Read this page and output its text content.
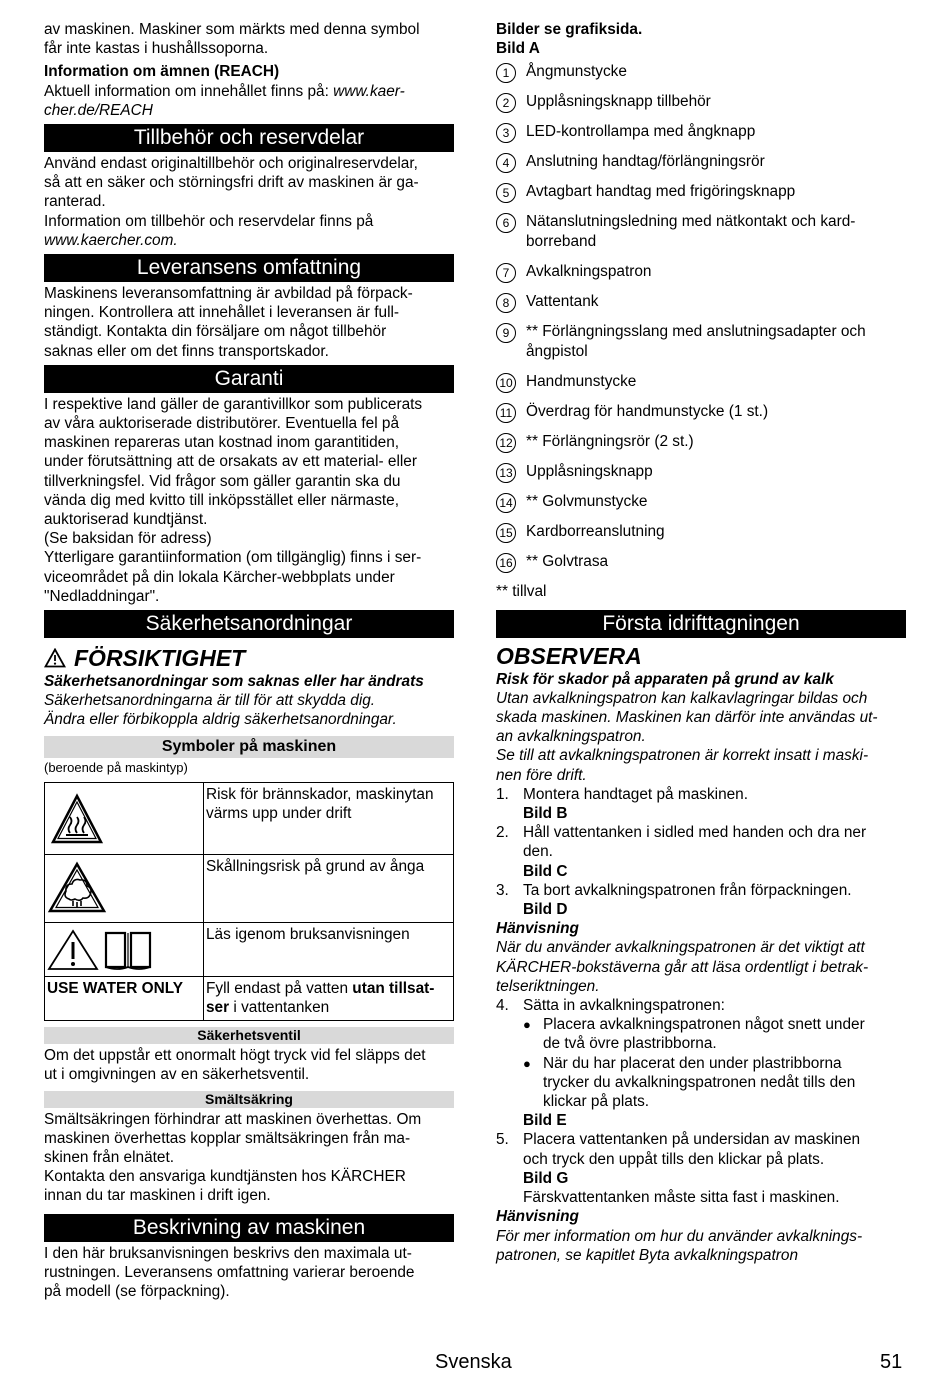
av maskinen. Maskiner som märkts med denna symbol
får inte kastas i hushållssoporna.

Information om ämnen (REACH)

Aktuell information om innehållet finns på: www.kaer-
cher.de/REACH

Tillbehör och reservdelar

Använd endast originaltillbehör och originalreservdelar,
så att en säker och störningsfri drift av maskinen är ga-
ranterad.
Information om tillbehör och reservdelar finns på
www.kaercher.com.

Leveransens omfattning

Maskinens leveransomfattning är avbildad på förpack-
ningen. Kontrollera att innehållet i leveransen är full-
ständigt. Kontakta din försäljare om något tillbehör
saknas eller om det finns transportskador.

Garanti

I respektive land gäller de garantivillkor som publicerats
av våra auktoriserade distributörer. Eventuella fel på
maskinen repareras utan kostnad inom garantitiden,
under förutsättning att de orsakats av ett material- eller
tillverkningsfel. Vid frågor som gäller garantin ska du
vända dig med kvitto till inköpsstället eller närmaste,
auktoriserad kundtjänst.
(Se baksidan för adress)
Ytterligare garantiinformation (om tillgänglig) finns i ser-
viceområdet på din lokala Kärcher-webbplats under
"Nedladdningar".

Säkerhetsanordningar
FÖRSIKTIGHET

Säkerhetsanordningar som saknas eller har ändrats

Säkerhetsanordningarna är till för att skydda dig.
Ändra eller förbikoppla aldrig säkerhetsanordningar.

Symboler på maskinen

(beroende på maskintyp)

	Risk för brännskador, maskinytan
värms upp under drift
	Skållningsrisk på grund av ånga

	Läs igenom bruksanvisningen
USE WATER ONLY	Fyll endast på vatten utan tillsat-
ser i vattentanken
Säkerhetsventil

Om det uppstår ett onormalt högt tryck vid fel släpps det
ut i omgivningen av en säkerhetsventil.

Smältsäkring

Smältsäkringen förhindrar att maskinen överhettas. Om
maskinen överhettas kopplar smältsäkringen från ma-
skinen från elnätet.
Kontakta den ansvariga kundtjänsten hos KÄRCHER
innan du tar maskinen i drift igen.

Beskrivning av maskinen

I den här bruksanvisningen beskrivs den maximala ut-
rustningen. Leveransens omfattning varierar beroende
på modell (se förpackning).

Bilder se grafiksida.

Bild A

1	Ångmunstycke
2	Upplåsningsknapp tillbehör
3	LED-kontrollampa med ångknapp
4	Anslutning handtag/förlängningsrör
5	Avtagbart handtag med frigöringsknapp
6	Nätanslutningsledning med nätkontakt och kard-
borreband
7	Avkalkningspatron
8	Vattentank
9	** Förlängningsslang med anslutningsadapter och
ångpistol
10 Handmunstycke
11 Överdrag för handmunstycke (1 st.)
12 ** Förlängningsrör (2 st.)
13 Upplåsningsknapp
14 ** Golvmunstycke
15 Kardborreanslutning
16 ** Golvtrasa

** tillval

Första idrifttagningen

OBSERVERA

Risk för skador på apparaten på grund av kalk

Utan avkalkningspatron kan kalkavlagringar bildas och
skada maskinen. Maskinen kan därför inte användas ut-
an avkalkningspatron.
Se till att avkalkningspatronen är korrekt insatt i maski-
nen före drift.

1. Montera handtaget på maskinen.
Bild B
2. Håll vattentanken i sidled med handen och dra ner
den.
Bild C
3. Ta bort avkalkningspatronen från förpackningen.
Bild D

Hänvisning

När du använder avkalkningspatronen är det viktigt att
KÄRCHER-bokstäverna går att läsa ordentligt i betrak-
telseriktningen.

4. Sätta in avkalkningspatronen:
● Placera avkalkningspatronen något snett under
de två övre plastribborna.
● När du har placerat den under plastribborna
trycker du avkalkningspatronen nedåt tills den
klickar på plats.
Bild E
5. Placera vattentanken på undersidan av maskinen
och tryck den uppåt tills den klickar på plats.
Bild G
Färskvattentanken måste sitta fast i maskinen.

Hänvisning

För mer information om hur du använder avkalknings-
patronen, se kapitlet Byta avkalkningspatron

Svenska	51
